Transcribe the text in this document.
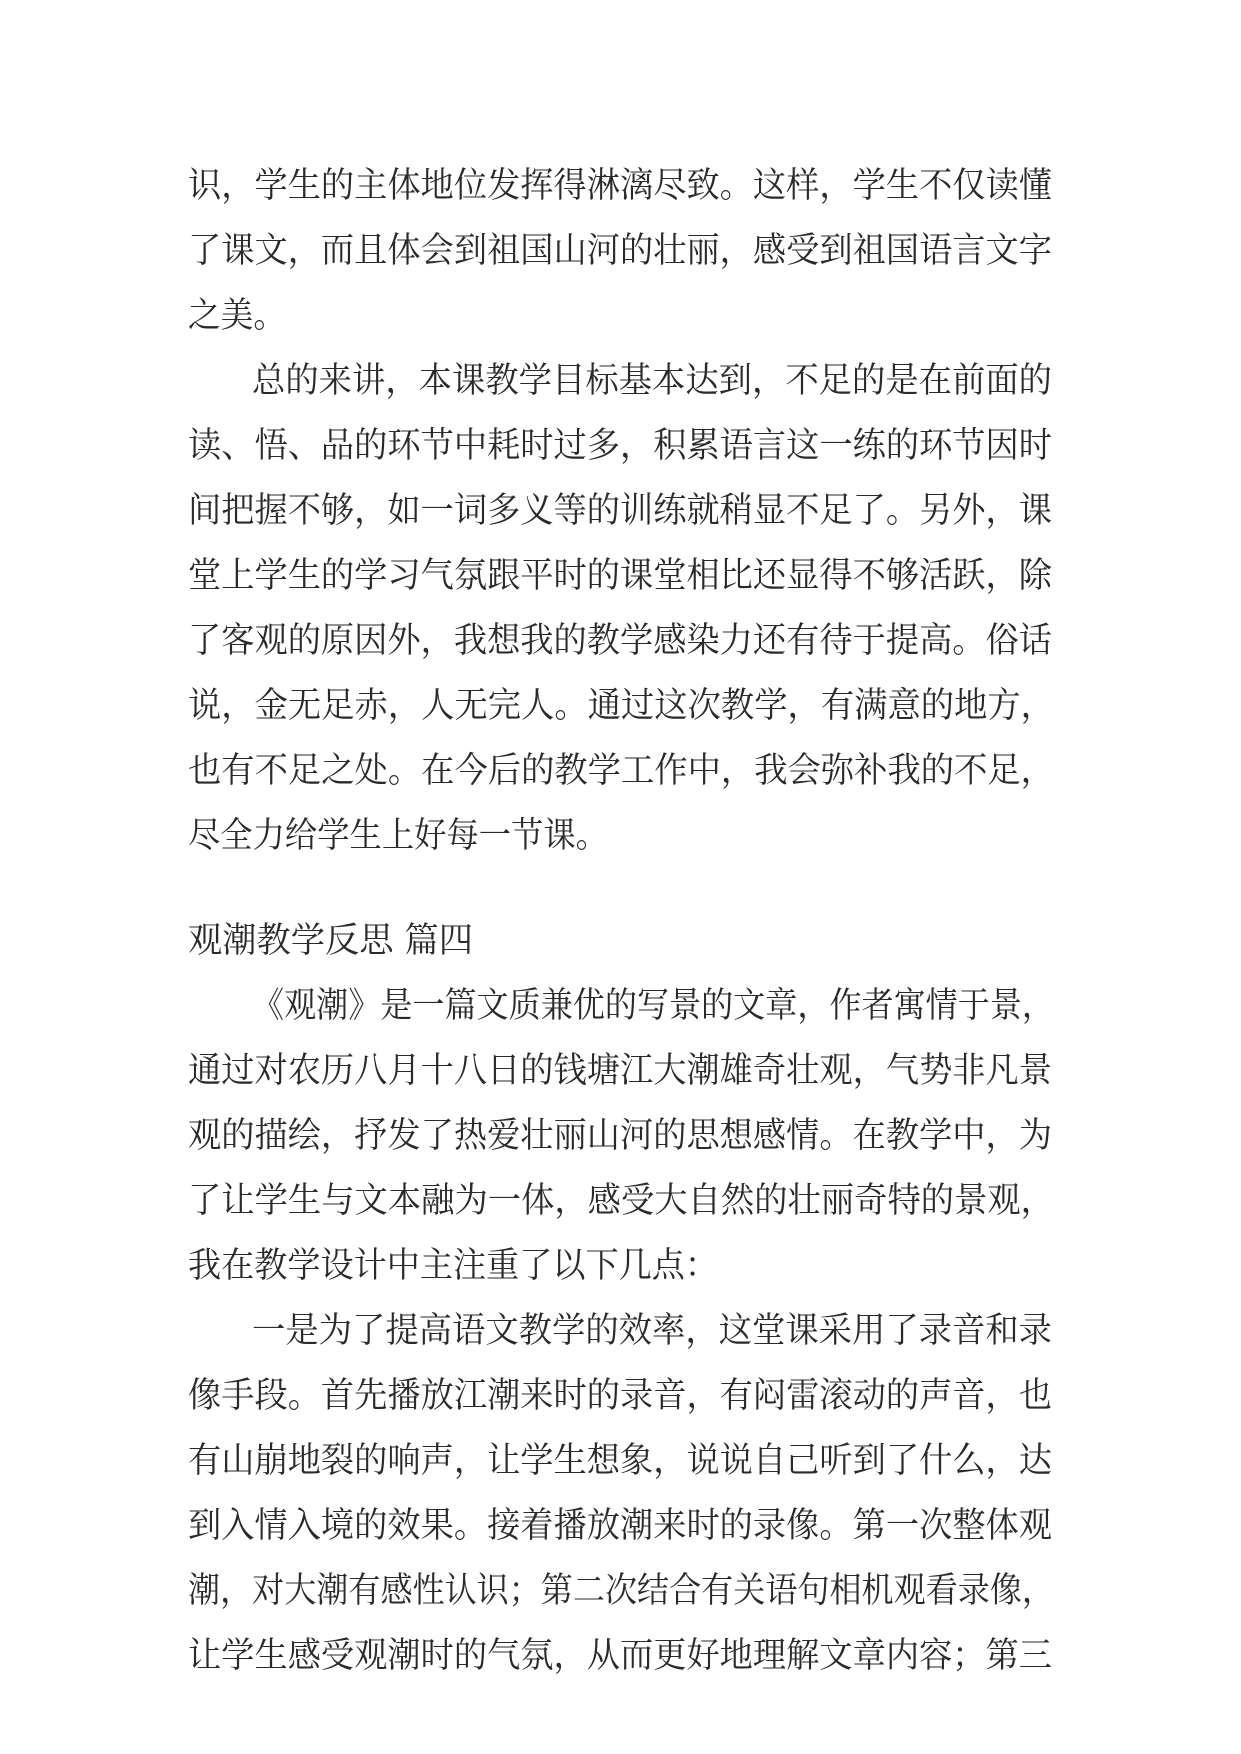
识，学生的主体地位发挥得淋漓尽致。这样，学生不仅读懂
了课文，而且体会到祖国山河的壮丽，感受到祖国语言文字
之美。
总的来讲，本课教学目标基本达到，不足的是在前面的
读、悟、品的环节中耗时过多，积累语言这一练的环节因时
间把握不够，如一词多义等的训练就稍显不足了。另外，课
堂上学生的学习气氛跟平时的课堂相比还显得不够活跃，除
了客观的原因外，我想我的教学感染力还有待于提高。俗话
说，金无足赤，人无完人。通过这次教学，有满意的地方，
也有不足之处。在今后的教学工作中，我会弥补我的不足，
尽全力给学生上好每一节课。
观潮教学反思 篇四
《观潮》是一篇文质兼优的写景的文章，作者寓情于景，
通过对农历八月十八日的钱塘江大潮雄奇壮观，气势非凡景
观的描绘，抒发了热爱壮丽山河的思想感情。在教学中，为
了让学生与文本融为一体，感受大自然的壮丽奇特的景观，
我在教学设计中主注重了以下几点：
一是为了提高语文教学的效率，这堂课采用了录音和录
像手段。首先播放江潮来时的录音，有闷雷滚动的声音，也
有山崩地裂的响声，让学生想象，说说自己听到了什么，达
到入情入境的效果。接着播放潮来时的录像。第一次整体观
潮，对大潮有感性认识；第二次结合有关语句相机观看录像，
让学生感受观潮时的气氛，从而更好地理解文章内容；第三
